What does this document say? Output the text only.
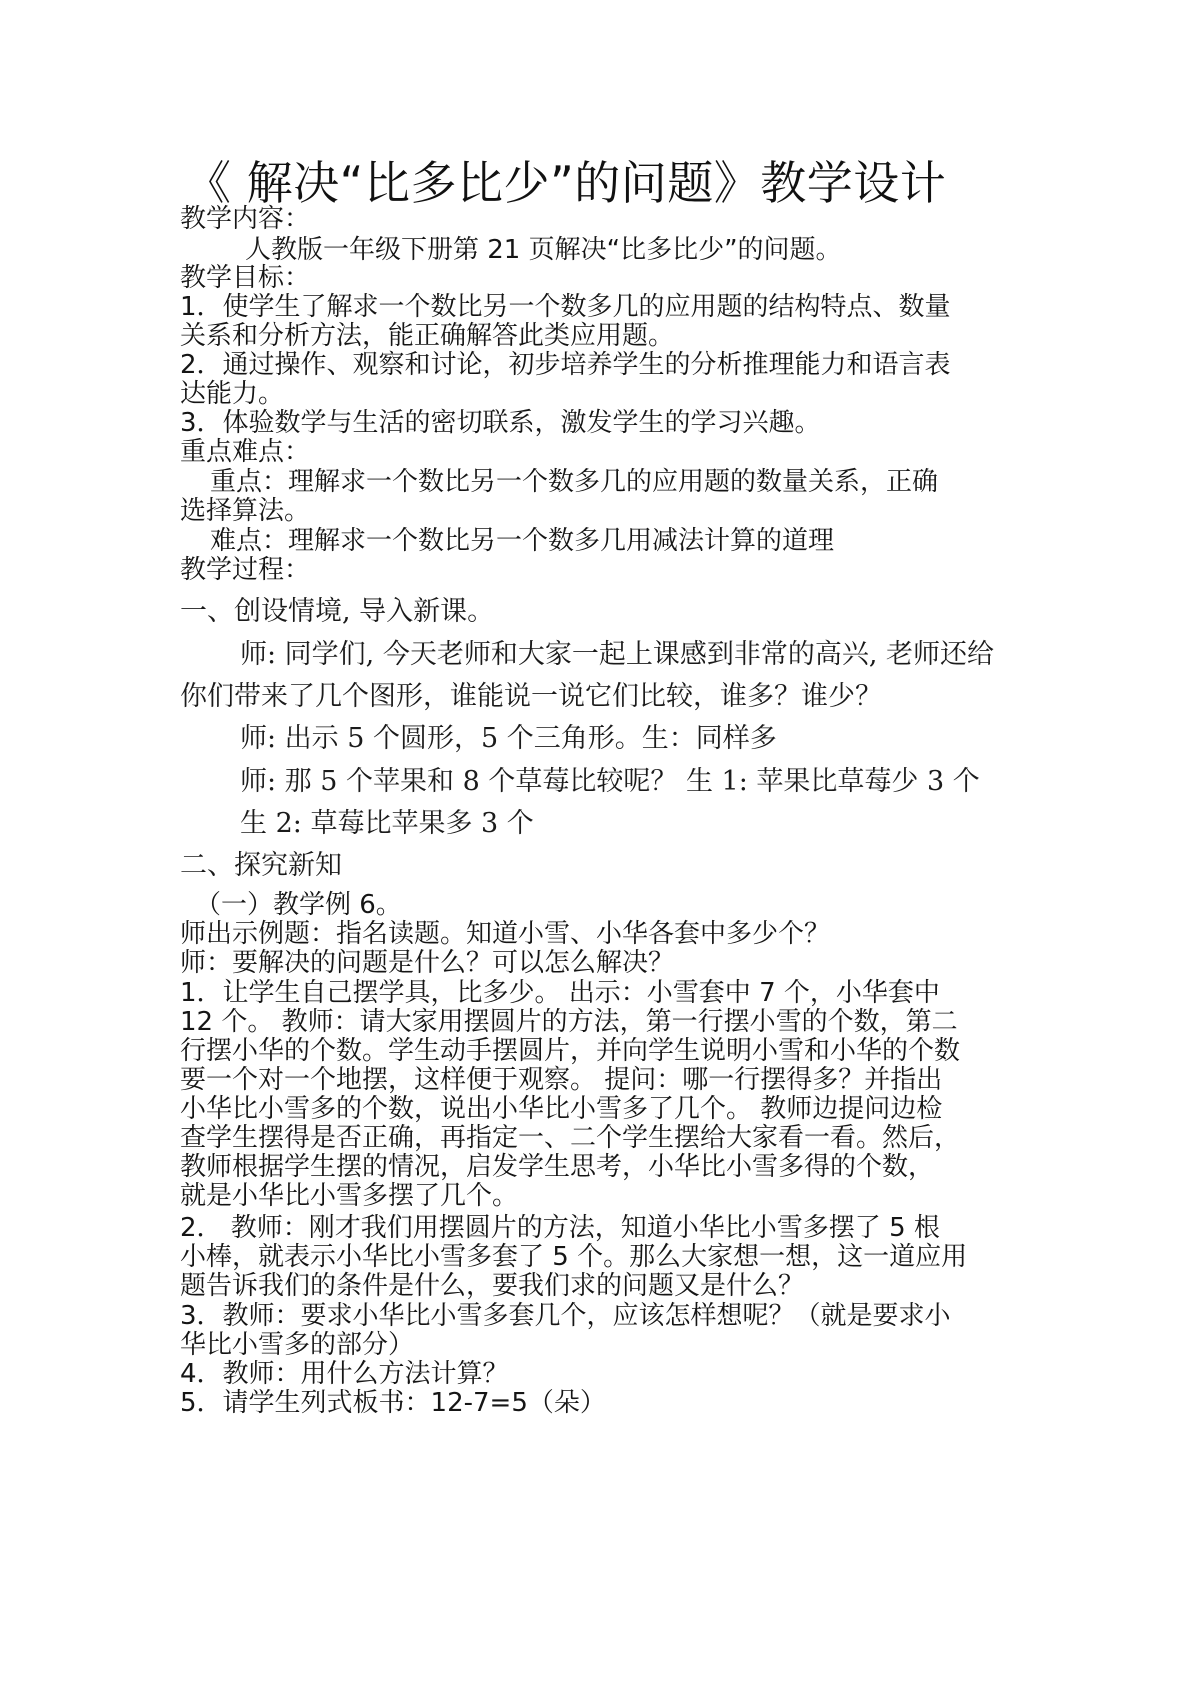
《 解决“比多比少”的问题》教学设计

教学内容：

人教版一年级下册第 21 页解决“比多比少”的问题。

教学目标：

1．使学生了解求一个数比另一个数多几的应用题的结构特点、数量

关系和分析方法，能正确解答此类应用题。

2．通过操作、观察和讨论，初步培养学生的分析推理能力和语言表

达能力。

3．体验数学与生活的密切联系，激发学生的学习兴趣。

重点难点：

重点：理解求一个数比另一个数多几的应用题的数量关系，正确

选择算法。

难点：理解求一个数比另一个数多几用减法计算的道理

教学过程：

一、创设情境, 导入新课。

师: 同学们, 今天老师和大家一起上课感到非常的高兴, 老师还给

你们带来了几个图形，谁能说一说它们比较，谁多？谁少？

师: 出示 5 个圆形，5 个三角形。生：同样多

师: 那 5 个苹果和 8 个草莓比较呢？ 生 1: 苹果比草莓少 3 个

生 2: 草莓比苹果多 3 个

二、探究新知

（一）教学例 6。

师出示例题：指名读题。知道小雪、小华各套中多少个？

师：要解决的问题是什么？可以怎么解决？

1．让学生自己摆学具，比多少。 出示：小雪套中 7 个，小华套中

12 个。 教师：请大家用摆圆片的方法，第一行摆小雪的个数，第二

行摆小华的个数。学生动手摆圆片，并向学生说明小雪和小华的个数

要一个对一个地摆，这样便于观察。 提问：哪一行摆得多？并指出

小华比小雪多的个数，说出小华比小雪多了几个。 教师边提问边检

查学生摆得是否正确，再指定一、二个学生摆给大家看一看。然后，

教师根据学生摆的情况，启发学生思考，小华比小雪多得的个数，

就是小华比小雪多摆了几个。

2． 教师：刚才我们用摆圆片的方法，知道小华比小雪多摆了 5 根

小棒，就表示小华比小雪多套了 5 个。那么大家想一想，这一道应用

题告诉我们的条件是什么，要我们求的问题又是什么？

3．教师：要求小华比小雪多套几个，应该怎样想呢？（就是要求小

华比小雪多的部分）

4．教师：用什么方法计算？

5．请学生列式板书：12-7=5（朵）
